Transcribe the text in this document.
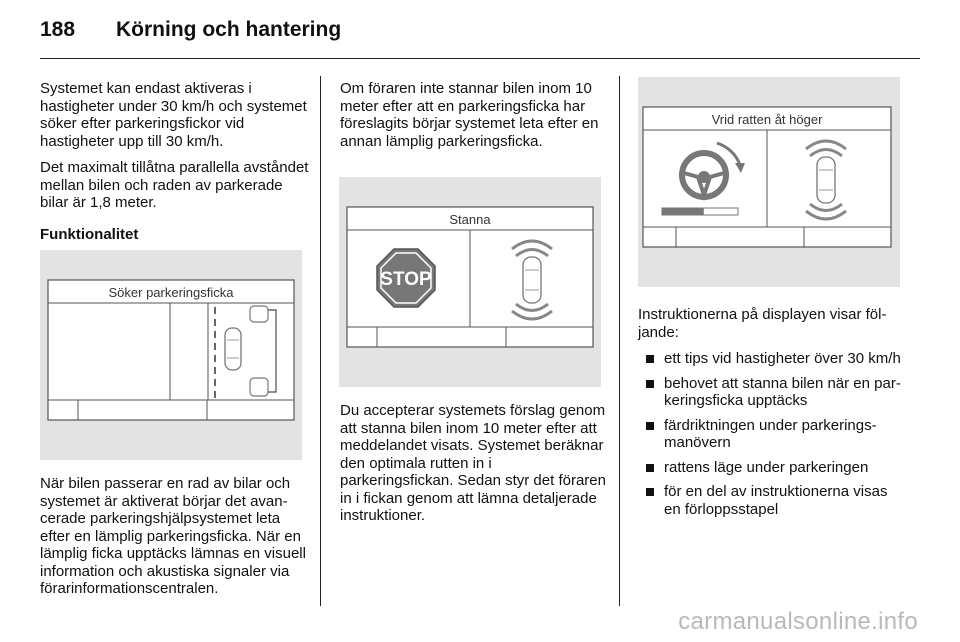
188 Körning och hantering

Systemet kan endast aktiveras i hastigheter under 30 km/h och systemet söker efter parkeringsfickor vid hastigheter upp till 30 km/h.

Det maximalt tillåtna parallella avståndet mellan bilen och raden av parkerade bilar är 1,8 meter.

Funktionalitet

Söker parkeringsficka

När bilen passerar en rad av bilar och systemet är aktiverat börjar det avancerade parkeringshjälpsystemet leta efter en lämplig parkeringsficka. När en lämplig ficka upptäcks lämnas en visuell information och akustiska signaler via förarinformationscentralen.

Om föraren inte stannar bilen inom 10 meter efter att en parkeringsficka har föreslagits börjar systemet leta efter en annan lämplig parkeringsficka.

Stanna
STOP

Du accepterar systemets förslag genom att stanna bilen inom 10 meter efter att meddelandet visats. Systemet beräknar den optimala rutten in i parkeringsfickan. Sedan styr det föraren in i fickan genom att lämna detaljerade instruktioner.

Vrid ratten åt höger

Instruktionerna på displayen visar följande:

ett tips vid hastigheter över 30 km/h
behovet att stanna bilen när en parkeringsficka upptäcks
färdriktningen under parkeringsmanövern
rattens läge under parkeringen
för en del av instruktionerna visas en förloppsstapel
carmanualsonline.info
